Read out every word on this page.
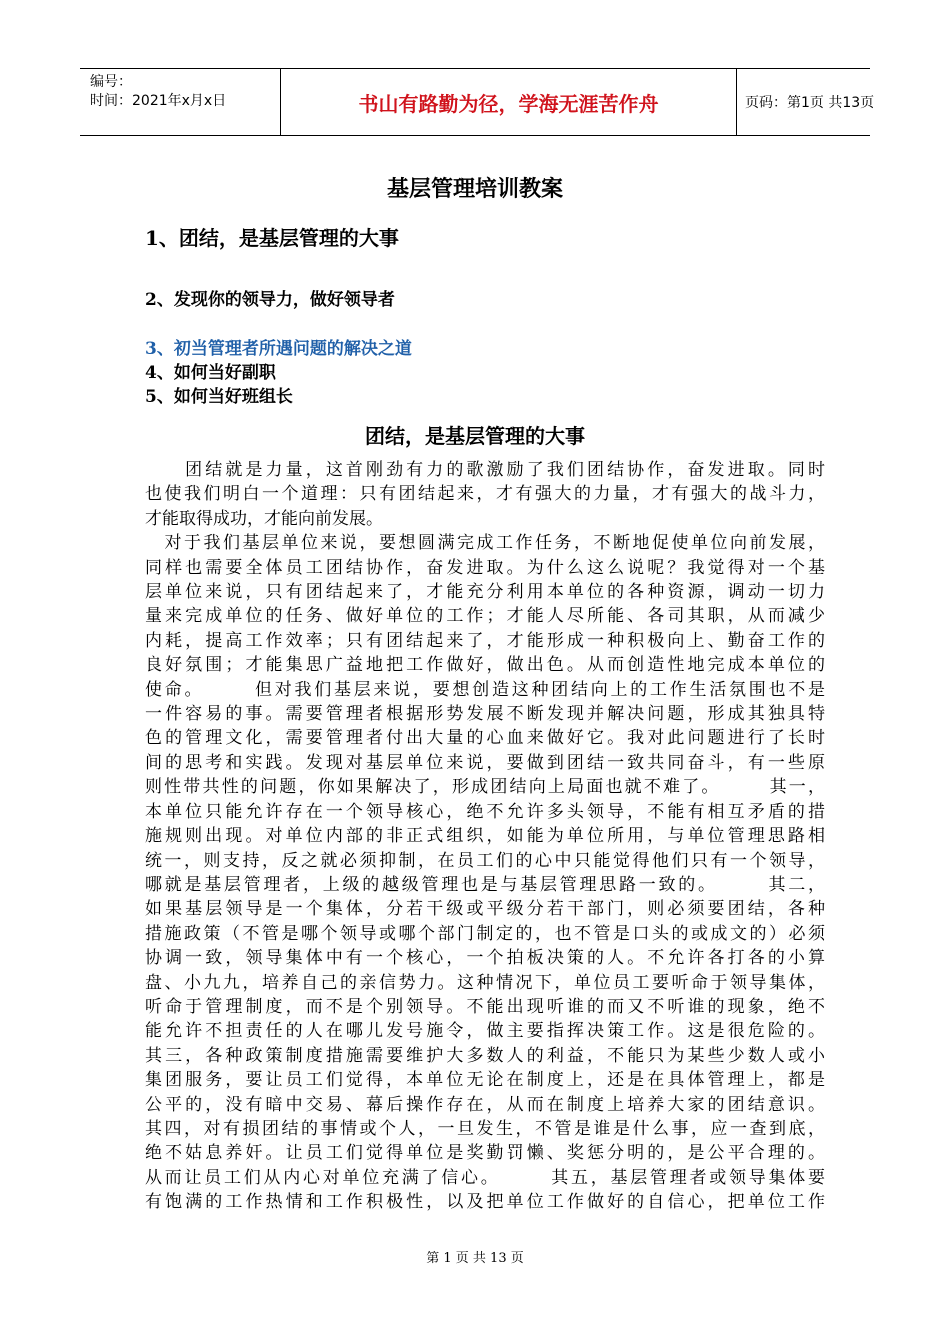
编号：
时间：2021年x月x日	书山有路勤为径，学海无涯苦作舟	页码：第1页 共13页
基层管理培训教案
1、团结，是基层管理的大事
2、发现你的领导力，做好领导者
3、初当管理者所遇问题的解决之道
4、如何当好副职
5、如何当好班组长
团结，是基层管理的大事
　　团结就是力量，这首刚劲有力的歌激励了我们团结协作，奋发进取。同时
也使我们明白一个道理：只有团结起来，才有强大的力量，才有强大的战斗力，
才能取得成功，才能向前发展。
　对于我们基层单位来说，要想圆满完成工作任务，不断地促使单位向前发展，
同样也需要全体员工团结协作，奋发进取。为什么这么说呢？我觉得对一个基
层单位来说，只有团结起来了，才能充分利用本单位的各种资源，调动一切力
量来完成单位的任务、做好单位的工作；才能人尽所能、各司其职，从而减少
内耗，提高工作效率；只有团结起来了，才能形成一种积极向上、勤奋工作的
良好氛围；才能集思广益地把工作做好，做出色。从而创造性地完成本单位的
使命。　　　但对我们基层来说，要想创造这种团结向上的工作生活氛围也不是
一件容易的事。需要管理者根据形势发展不断发现并解决问题，形成其独具特
色的管理文化，需要管理者付出大量的心血来做好它。我对此问题进行了长时
间的思考和实践。发现对基层单位来说，要做到团结一致共同奋斗，有一些原
则性带共性的问题，你如果解决了，形成团结向上局面也就不难了。　　　其一，
本单位只能允许存在一个领导核心，绝不允许多头领导，不能有相互矛盾的措
施规则出现。对单位内部的非正式组织，如能为单位所用，与单位管理思路相
统一，则支持，反之就必须抑制，在员工们的心中只能觉得他们只有一个领导，
哪就是基层管理者，上级的越级管理也是与基层管理思路一致的。　　　其二，
如果基层领导是一个集体，分若干级或平级分若干部门，则必须要团结，各种
措施政策（不管是哪个领导或哪个部门制定的，也不管是口头的或成文的）必须
协调一致，领导集体中有一个核心，一个拍板决策的人。不允许各打各的小算
盘、小九九，培养自己的亲信势力。这种情况下，单位员工要听命于领导集体，
听命于管理制度，而不是个别领导。不能出现听谁的而又不听谁的现象，绝不
能允许不担责任的人在哪儿发号施令，做主要指挥决策工作。这是很危险的。
其三，各种政策制度措施需要维护大多数人的利益，不能只为某些少数人或小
集团服务，要让员工们觉得，本单位无论在制度上，还是在具体管理上，都是
公平的，没有暗中交易、幕后操作存在，从而在制度上培养大家的团结意识。
其四，对有损团结的事情或个人，一旦发生，不管是谁是什么事，应一查到底，
绝不姑息养奸。让员工们觉得单位是奖勤罚懒、奖惩分明的，是公平合理的。
从而让员工们从内心对单位充满了信心。　　　其五，基层管理者或领导集体要
有饱满的工作热情和工作积极性，以及把单位工作做好的自信心，把单位工作
第 1 页 共 13 页
